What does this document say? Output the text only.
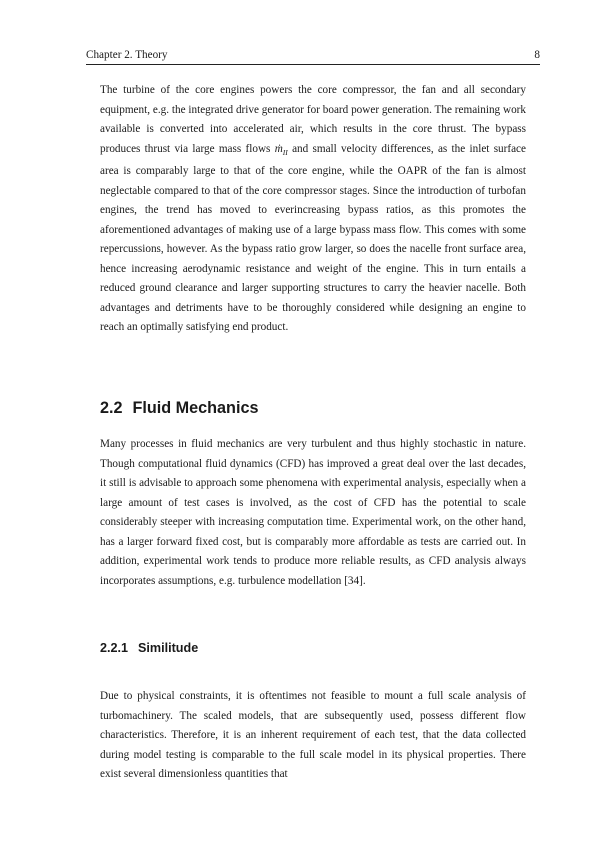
Chapter 2. Theory	8

The turbine of the core engines powers the core compressor, the fan and all secondary equipment, e.g. the integrated drive generator for board power generation. The remaining work available is converted into accelerated air, which results in the core thrust. The bypass produces thrust via large mass flows ṁ$_{II}$ and small velocity differences, as the inlet surface area is comparably large to that of the core engine, while the OAPR of the fan is almost neglectable compared to that of the core compressor stages. Since the introduction of turbofan engines, the trend has moved to everincreasing bypass ratios, as this promotes the aforementioned advantages of making use of a large bypass mass flow. This comes with some repercussions, however. As the bypass ratio grow larger, so does the nacelle front surface area, hence increasing aerodynamic resistance and weight of the engine. This in turn entails a reduced ground clearance and larger supporting structures to carry the heavier nacelle. Both advantages and detriments have to be thoroughly considered while designing an engine to reach an optimally satisfying end product.

2.2 Fluid Mechanics

Many processes in fluid mechanics are very turbulent and thus highly stochastic in nature. Though computational fluid dynamics (CFD) has improved a great deal over the last decades, it still is advisable to approach some phenomena with experimental analysis, especially when a large amount of test cases is involved, as the cost of CFD has the potential to scale considerably steeper with increasing computation time. Experimental work, on the other hand, has a larger forward fixed cost, but is comparably more affordable as tests are carried out. In addition, experimental work tends to produce more reliable results, as CFD analysis always incorporates assumptions, e.g. turbulence modellation [34].

2.2.1 Similitude

Due to physical constraints, it is oftentimes not feasible to mount a full scale analysis of turbomachinery. The scaled models, that are subsequently used, possess different flow characteristics. Therefore, it is an inherent requirement of each test, that the data collected during model testing is comparable to the full scale model in its physical properties. There exist several dimensionless quantities that
